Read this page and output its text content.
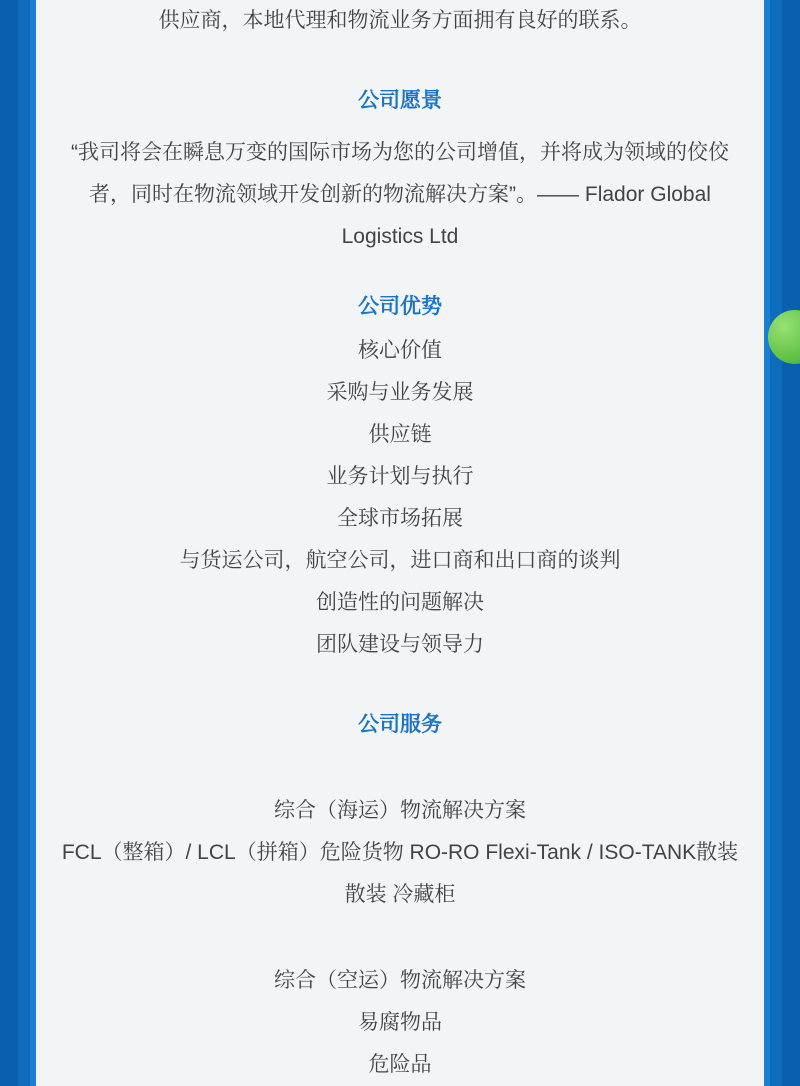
供应商，本地代理和物流业务方面拥有良好的联系。

公司愿景

“我司将会在瞬息万变的国际市场为您的公司增值，并将成为领域的佼佼者，同时在物流领域开发创新的物流解决方案”。—— Flador Global Logistics Ltd

公司优势

核心价值

采购与业务发展

供应链

业务计划与执行

全球市场拓展

与货运公司，航空公司，进口商和出口商的谈判

创造性的问题解决

团队建设与领导力

公司服务

综合（海运）物流解决方案

FCL（整箱）/ LCL（拼箱）危险货物 RO-RO Flexi-Tank / ISO-TANK散装散装 冷藏柜

综合（空运）物流解决方案

易腐物品

危险品
